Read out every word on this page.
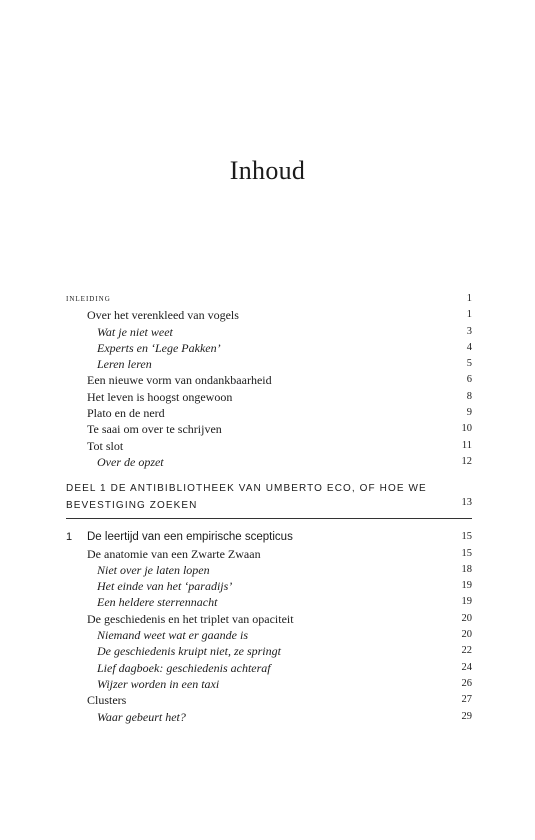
Inhoud
inleiding	1
Over het verenkleed van vogels	1
Wat je niet weet	3
Experts en ‘Lege Pakken’	4
Leren leren	5
Een nieuwe vorm van ondankbaarheid	6
Het leven is hoogst ongewoon	8
Plato en de nerd	9
Te saai om over te schrijven	10
Tot slot	11
Over de opzet	12
DEEL 1 DE ANTIBIBLIOTHEEK VAN UMBERTO ECO, OF HOE WE
BEVESTIGING ZOEKEN	13
1 De leertijd van een empirische scepticus	15
De anatomie van een Zwarte Zwaan	15
Niet over je laten lopen	18
Het einde van het ‘paradijs’	19
Een heldere sterrennacht	19
De geschiedenis en het triplet van opaciteit	20
Niemand weet wat er gaande is	20
De geschiedenis kruipt niet, ze springt	22
Lief dagboek: geschiedenis achteraf	24
Wijzer worden in een taxi	26
Clusters	27
Waar gebeurt het?	29
